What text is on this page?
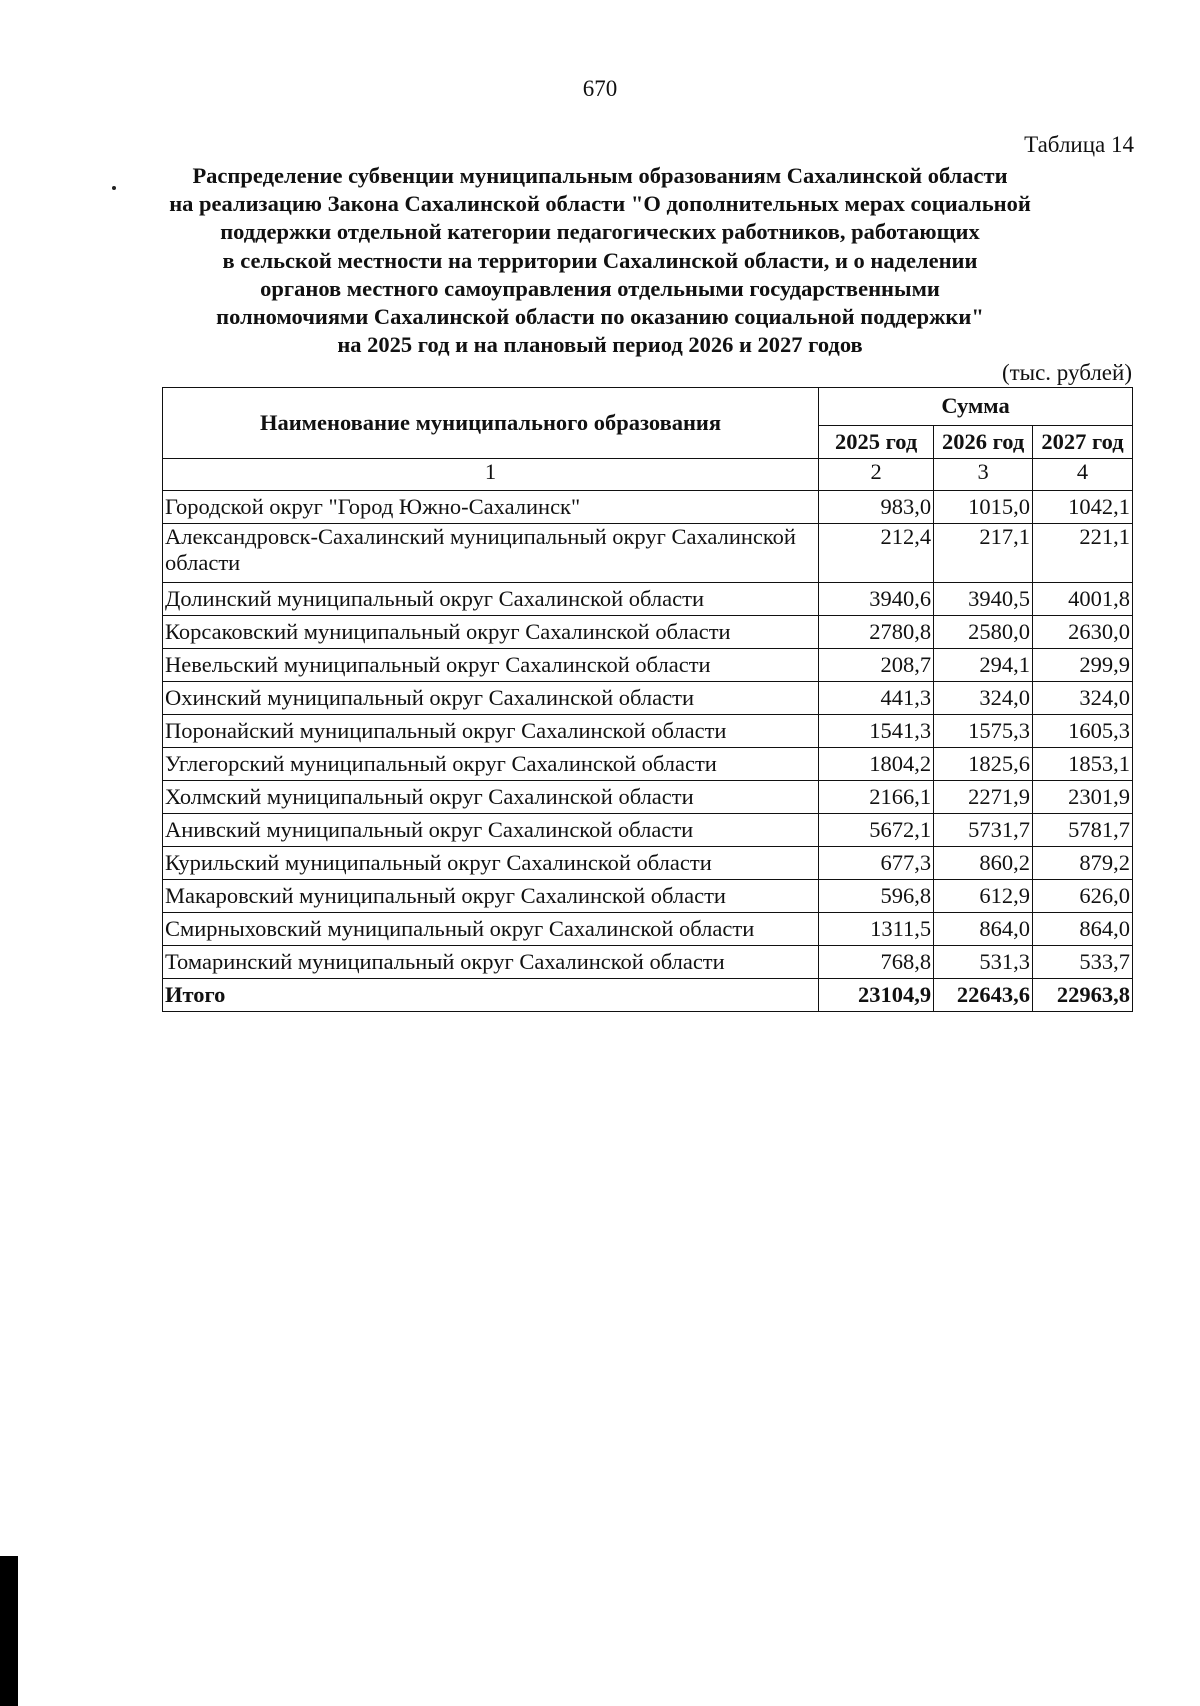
670
Таблица 14
Распределение субвенции муниципальным образованиям Сахалинской области
на реализацию Закона Сахалинской области "О дополнительных мерах социальной
поддержки отдельной категории педагогических работников, работающих
в сельской местности на территории Сахалинской области, и о наделении
органов местного самоуправления отдельными государственными
полномочиями Сахалинской области по оказанию социальной поддержки"
на 2025 год и на плановый период 2026 и 2027 годов
(тыс. рублей)
Наименование муниципального образования	Сумма		
	2025 год	2026 год	2027 год
1	2	3	4
Городской округ "Город Южно-Сахалинск"	983,0	1015,0	1042,1
Александровск-Сахалинский муниципальный округ Сахалинской области	212,4	217,1	221,1
Долинский муниципальный округ Сахалинской области	3940,6	3940,5	4001,8
Корсаковский муниципальный округ Сахалинской области	2780,8	2580,0	2630,0
Невельский муниципальный округ Сахалинской области	208,7	294,1	299,9
Охинский муниципальный округ Сахалинской области	441,3	324,0	324,0
Поронайский муниципальный округ Сахалинской области	1541,3	1575,3	1605,3
Углегорский муниципальный округ Сахалинской области	1804,2	1825,6	1853,1
Холмский муниципальный округ Сахалинской области	2166,1	2271,9	2301,9
Анивский муниципальный округ Сахалинской области	5672,1	5731,7	5781,7
Курильский муниципальный округ Сахалинской области	677,3	860,2	879,2
Макаровский муниципальный округ Сахалинской области	596,8	612,9	626,0
Смирныховский муниципальный округ Сахалинской области	1311,5	864,0	864,0
Томаринский муниципальный округ Сахалинской области	768,8	531,3	533,7
Итого	23104,9	22643,6	22963,8
